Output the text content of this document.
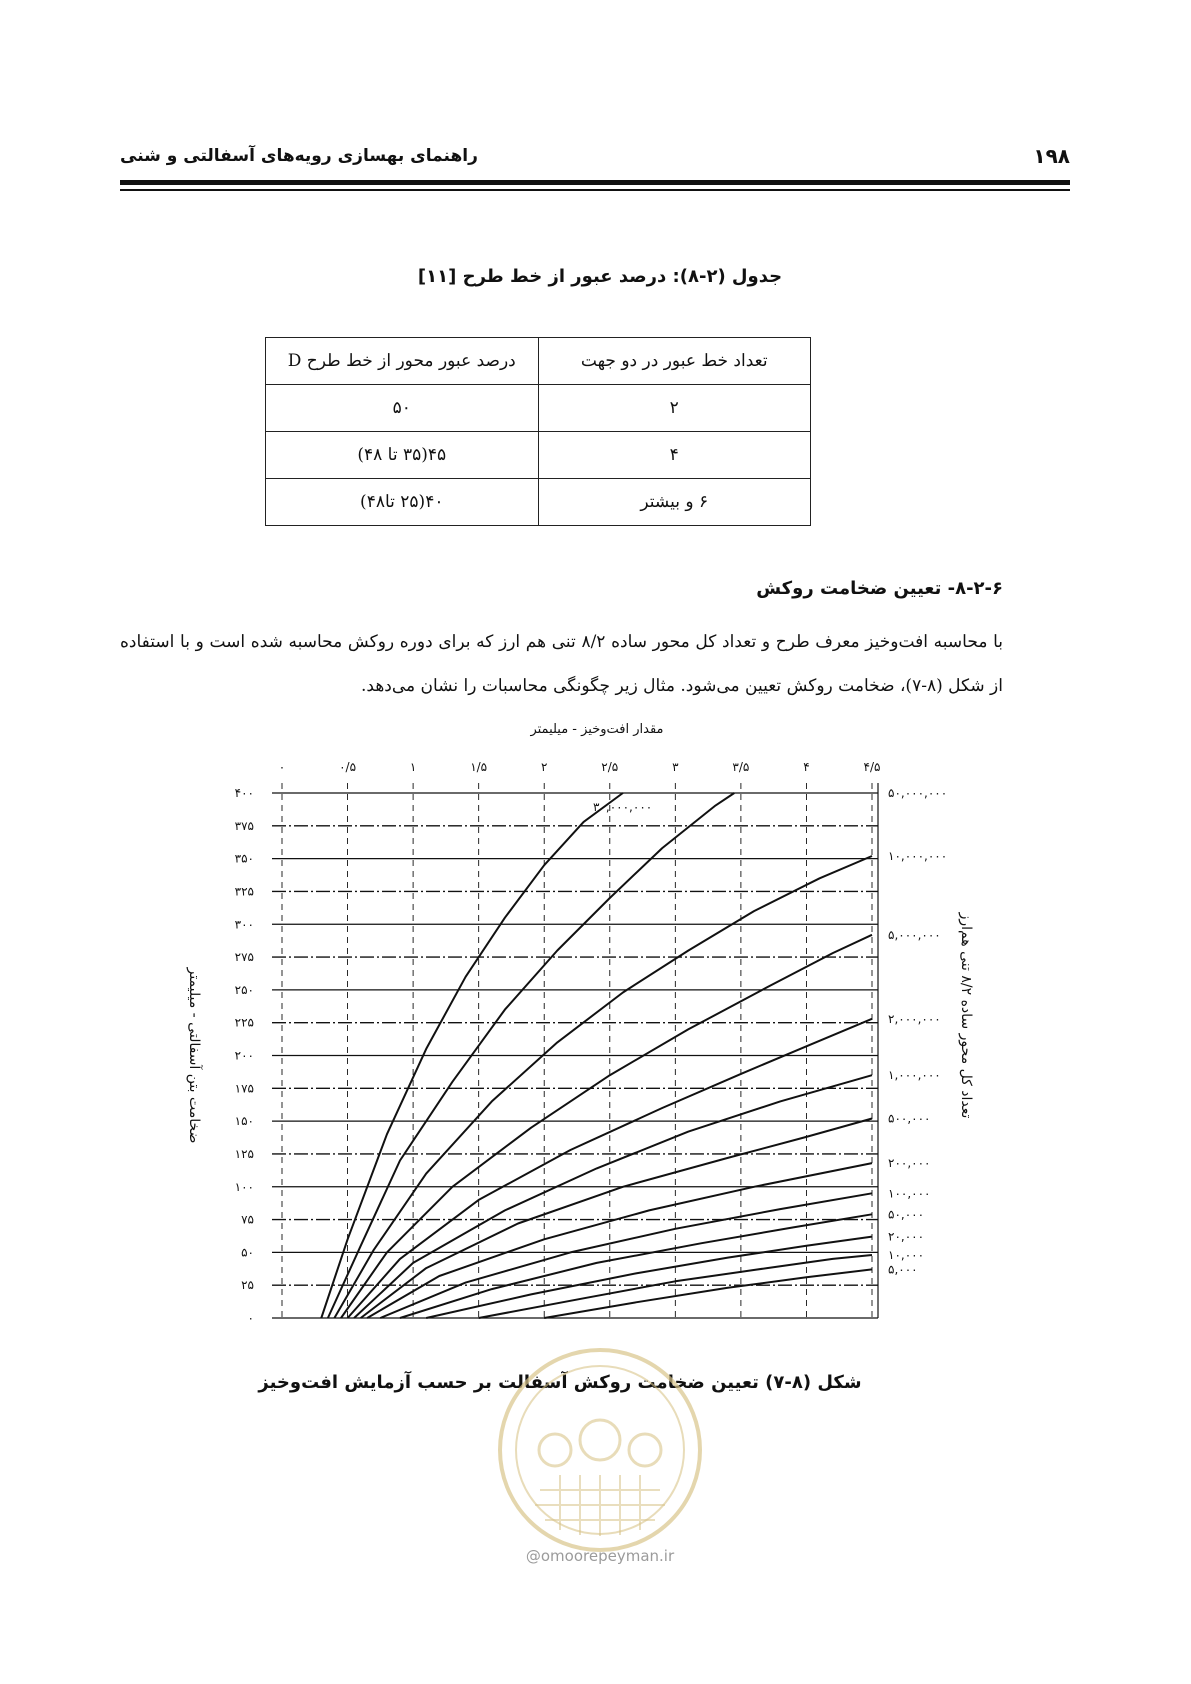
۱۹۸
راهنمای بهسازی رویه‌های آسفالتی و شنی
جدول (۲-۸): درصد عبور از خط طرح [۱۱]
تعداد خط عبور در دو جهت	درصد عبور محور از خط طرح D
۲	۵۰
۴	۴۵(۳۵ تا ۴۸)
۶ و بیشتر	۴۰(۲۵ تا۴۸)
۸-۲-۶- تعیین ضخامت روکش
با محاسبه افت‌وخیز معرف طرح و تعداد کل محور ساده ۸/۲ تنی هم ارز که برای دوره روکش محاسبه شده است و با استفاده از شکل (۸-۷)، ضخامت روکش تعیین می‌شود. مثال زیر چگونگی محاسبات را نشان می‌دهد.
۰
۲۵
۵۰
۷۵
۱۰۰
۱۲۵
۱۵۰
۱۷۵
۲۰۰
۲۲۵
۲۵۰
۲۷۵
۳۰۰
۳۲۵
۳۵۰
۳۷۵
۴۰۰
۰	۰/۵	۱	۱/۵	۲	۲/۵	۳	۳/۵	۴	۴/۵
مقدار افت‌وخیز - میلیمتر
ضخامت بتن آسفالتی - میلیمتر
تعداد کل محور ساده ۸/۲ تنی هم‌ارز
۵۰,۰۰۰,۰۰۰
۳۰,۰۰۰,۰۰۰
۱۰,۰۰۰,۰۰۰
۵,۰۰۰,۰۰۰
۲,۰۰۰,۰۰۰
۱,۰۰۰,۰۰۰
۵۰۰,۰۰۰
۲۰۰,۰۰۰
۱۰۰,۰۰۰
۵۰,۰۰۰
۲۰,۰۰۰
۱۰,۰۰۰
۵,۰۰۰
شکل (۸-۷) تعیین ضخامت روکش آسفالت بر حسب آزمایش افت‌وخیز
@omoorepeyman.ir
